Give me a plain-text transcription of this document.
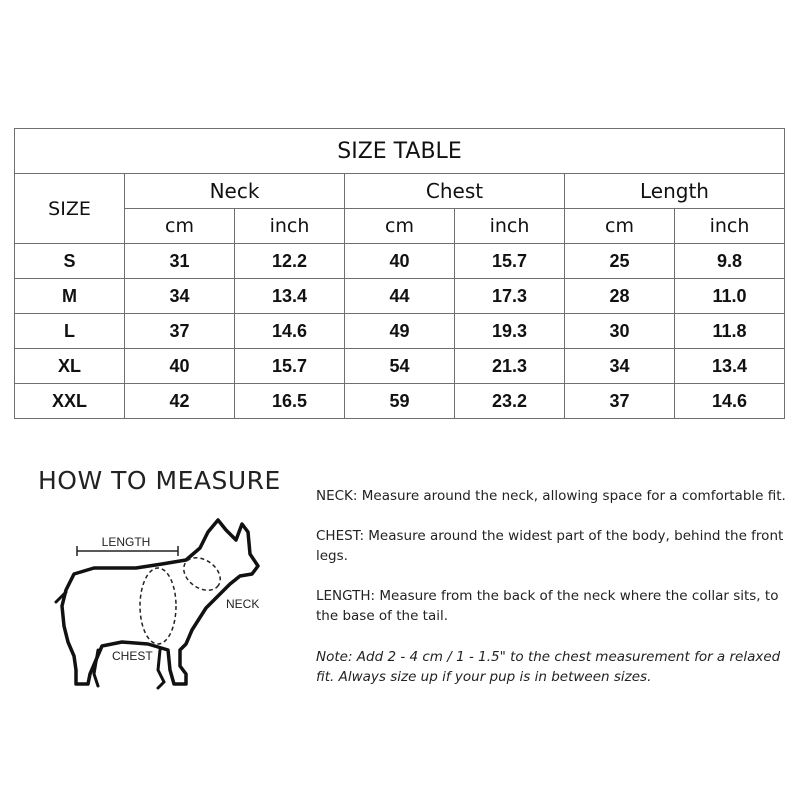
SIZE TABLE						
SIZE	Neck		Chest		Length	
	cm	inch	cm	inch	cm	inch
S	31	12.2	40	15.7	25	9.8
M	34	13.4	44	17.3	28	11.0
L	37	14.6	49	19.3	30	11.8
XL	40	15.7	54	21.3	34	13.4
XXL	42	16.5	59	23.2	37	14.6
HOW TO MEASURE
LENGTH
NECK
CHEST

NECK: Measure around the neck, allowing space for a comfortable fit.

CHEST: Measure around the widest part of the body, behind the front legs.

LENGTH: Measure from the back of the neck where the collar sits, to the base of the tail.

Note: Add 2 - 4 cm / 1 - 1.5" to the chest measurement for a relaxed fit. Always size up if your pup is in between sizes.
